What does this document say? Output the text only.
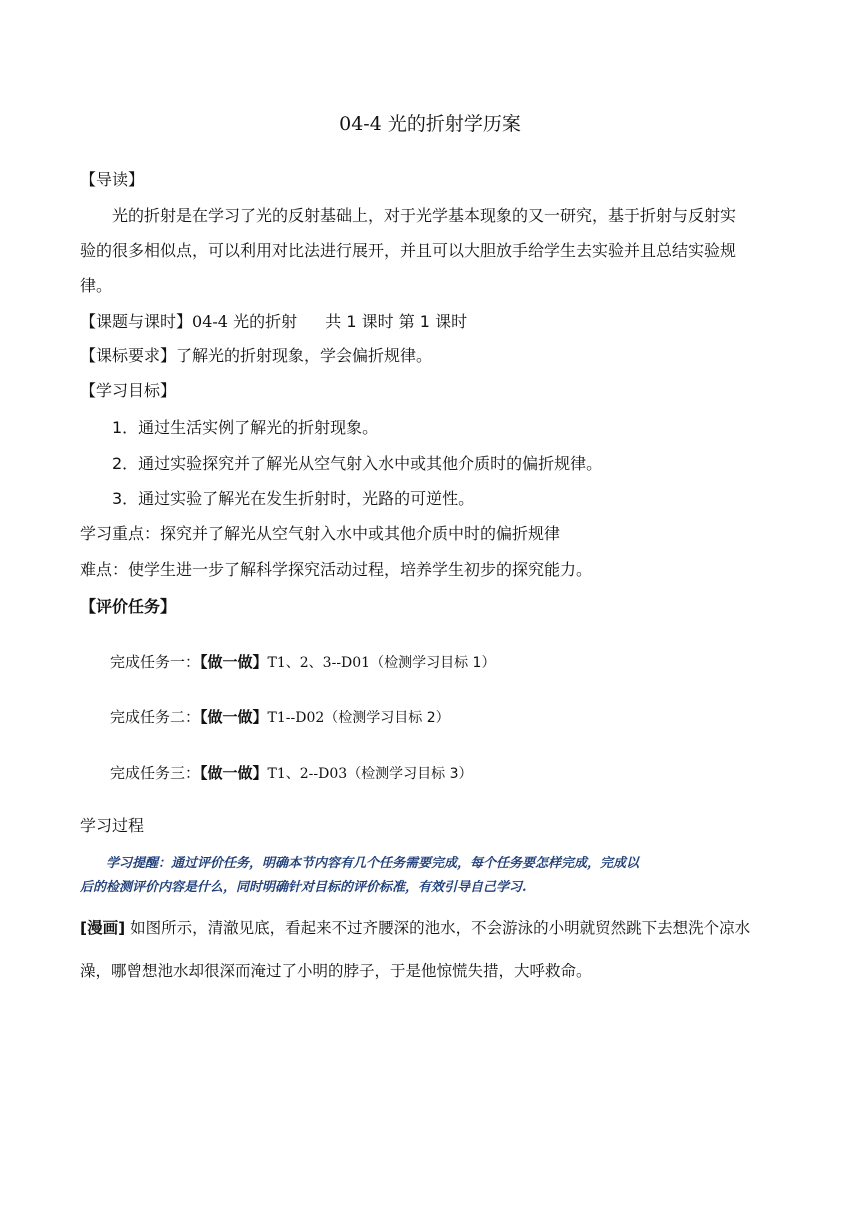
04-4 光的折射学历案
【导读】
光的折射是在学习了光的反射基础上，对于光学基本现象的又一研究，基于折射与反射实
验的很多相似点，可以利用对比法进行展开，并且可以大胆放手给学生去实验并且总结实验规
律。
【课题与课时】04-4 光的折射 共 1 课时 第 1 课时
【课标要求】了解光的折射现象，学会偏折规律。
【学习目标】
1．通过生活实例了解光的折射现象。
2．通过实验探究并了解光从空气射入水中或其他介质时的偏折规律。
3．通过实验了解光在发生折射时，光路的可逆性。
学习重点：探究并了解光从空气射入水中或其他介质中时的偏折规律
难点：使学生进一步了解科学探究活动过程，培养学生初步的探究能力。
【评价任务】
完成任务一：【做一做】T1、2、3--D01（检测学习目标 1）
完成任务二：【做一做】T1--D02（检测学习目标 2）
完成任务三：【做一做】T1、2--D03（检测学习目标 3）
学习过程
学习提醒：通过评价任务，明确本节内容有几个任务需要完成，每个任务要怎样完成，完成以
后的检测评价内容是什么，同时明确针对目标的评价标准，有效引导自己学习.
[漫画] 如图所示，清澈见底，看起来不过齐腰深的池水，不会游泳的小明就贸然跳下去想洗个凉水
澡，哪曾想池水却很深而淹过了小明的脖子，于是他惊慌失措，大呼救命。
